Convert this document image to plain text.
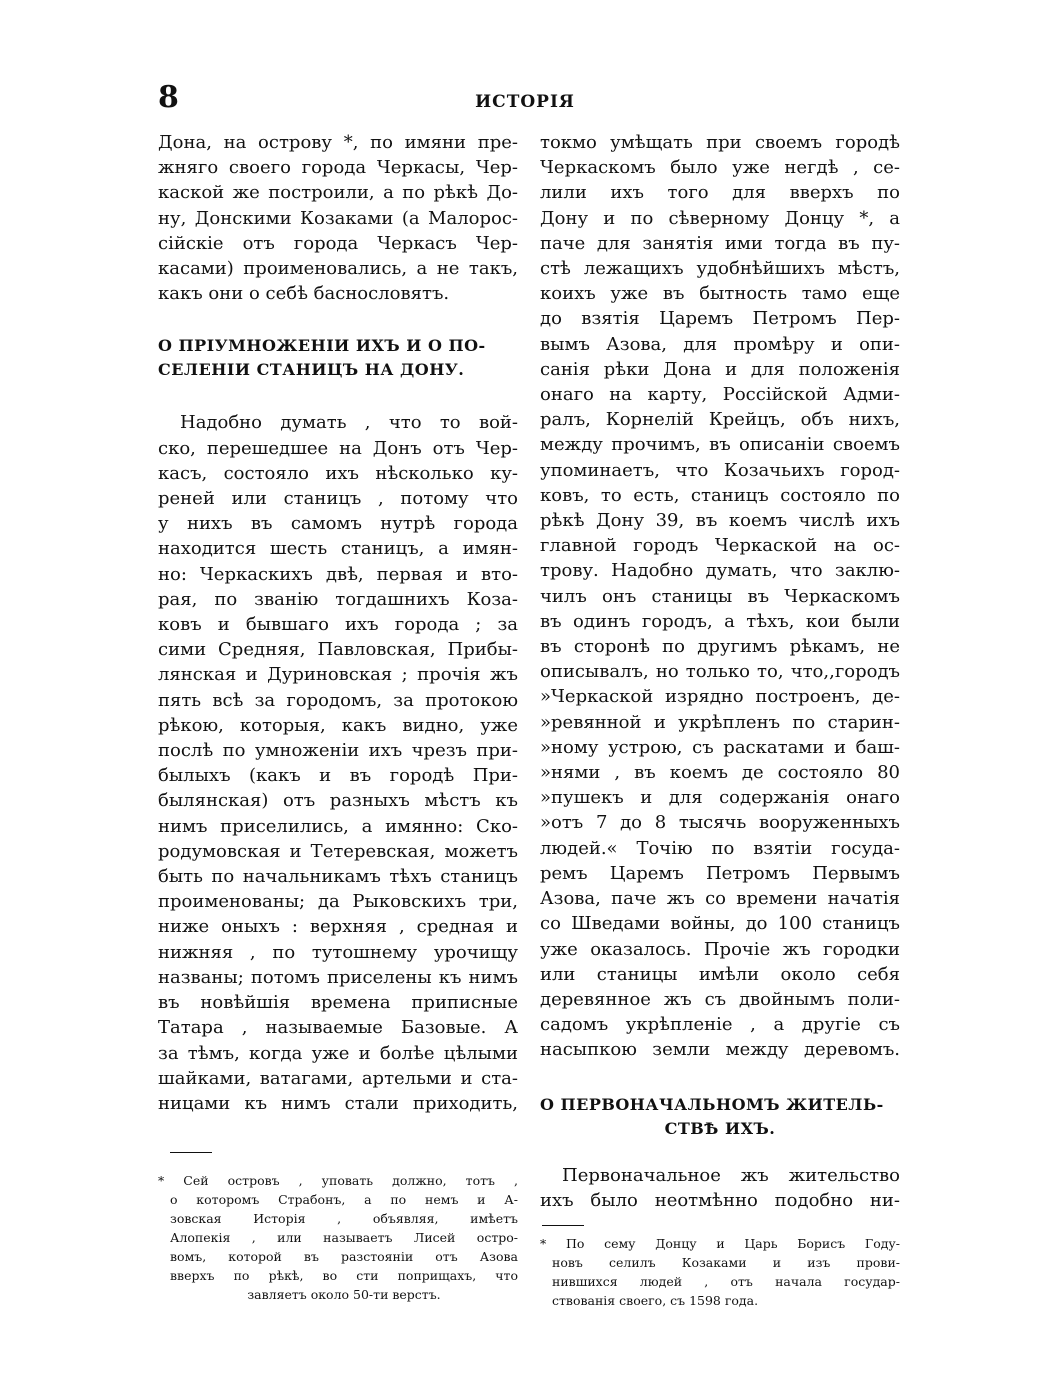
8	ИСТОРІЯ
Дона, на острову *, по имяни пре-
жняго своего города Черкасы, Чер-
каской же построили, а по рѣкѣ До-
ну, Донскими Козаками (а Малорос-
сійскіе отъ города Черкасъ Чер-
касами) проименовались, а не такъ,
какъ они о себѣ баснословятъ.
О ПРІУМНОЖЕНІИ ИХЪ И О ПО-
СЕЛЕНІИ СТАНИЦЪ НА ДОНУ.
Надобно думать , что то вой-
ско, перешедшее на Донъ отъ Чер-
касъ, состояло ихъ нѣсколько ку-
реней или станицъ , потому что
у нихъ въ самомъ нутрѣ города
находится шесть станицъ, а имян-
но: Черкаскихъ двѣ, первая и вто-
рая, по званію тогдашнихъ Коза-
ковъ и бывшаго ихъ города ; за
сими Средняя, Павловская, Прибы-
лянская и Дуриновская ; прочія жъ
пять всѣ за городомъ, за протокою
рѣкою, которыя, какъ видно, уже
послѣ по умноженіи ихъ чрезъ при-
былыхъ (какъ и въ городѣ При-
былянская) отъ разныхъ мѣстъ къ
нимъ приселились, а имянно: Ско-
родумовская и Тетеревская, можетъ
быть по начальникамъ тѣхъ станицъ
проименованы; да Рыковскихъ три,
ниже оныхъ : верхняя , средная и
нижняя , по тутошнему урочищу
названы; потомъ приселены къ нимъ
въ новѣйшія времена приписные
Татара , называемые Базовые. А
за тѣмъ, когда уже и болѣе цѣлыми
шайками, ватагами, артельми и ста-
ницами къ нимъ стали приходить,
* Сей островъ , уповать должно, тотъ ,
о которомъ Страбонъ, а по немъ и А-
зовская Исторія , объявляя, имѣетъ
Алопекія , или называетъ Лисей остро-
вомъ, которой въ разстояніи отъ Азова
вверхъ по рѣкѣ, во сти поприщахъ, что
завляетъ около 50-ти верстъ.
токмо умѣщать при своемъ городѣ
Черкаскомъ было уже негдѣ , се-
лили ихъ того для вверхъ по
Дону и по сѣверному Донцу *, а
паче для занятія ими тогда въ пу-
стѣ лежащихъ удобнѣйшихъ мѣстъ,
коихъ уже въ бытность тамо еще
до взятія Царемъ Петромъ Пер-
вымъ Азова, для промѣру и опи-
санія рѣки Дона и для положенія
онаго на карту, Россійской Адми-
ралъ, Корнелій Крейцъ, объ нихъ,
между прочимъ, въ описаніи своемъ
упоминаетъ, что Козачьихъ город-
ковъ, то есть, станицъ состояло по
рѣкѣ Дону 39, въ коемъ числѣ ихъ
главной городъ Черкаской на ос-
трову. Надобно думать, что заклю-
чилъ онъ станицы въ Черкаскомъ
въ одинъ городъ, а тѣхъ, кои были
въ сторонѣ по другимъ рѣкамъ, не
описывалъ, но только то, что,,городъ
»Черкаской изрядно построенъ, де-
»ревянной и укрѣпленъ по старин-
»ному устрою, съ раскатами и баш-
»нями , въ коемъ де состояло 80
»пушекъ и для содержанія онаго
»отъ 7 до 8 тысячь вооруженныхъ
людей.« Точію по взятіи госуда-
ремъ Царемъ Петромъ Первымъ
Азова, паче жъ со времени начатія
со Шведами войны, до 100 станицъ
уже оказалось. Прочіе жъ городки
или станицы имѣли около себя
деревянное жъ съ двойнымъ поли-
садомъ укрѣпленіе , а другіе съ
насыпкою земли между деревомъ.
О ПЕРВОНАЧАЛЬНОМЪ ЖИТЕЛЬ-
СТВѢ ИХЪ.
Первоначальное жъ жительство
ихъ было неотмѣнно подобно ни-
* По сему Донцу и Царь Борисъ Году-
новъ селилъ Козаками и изъ прови-
нившихся людей , отъ начала государ-
ствованія своего, съ 1598 года.
